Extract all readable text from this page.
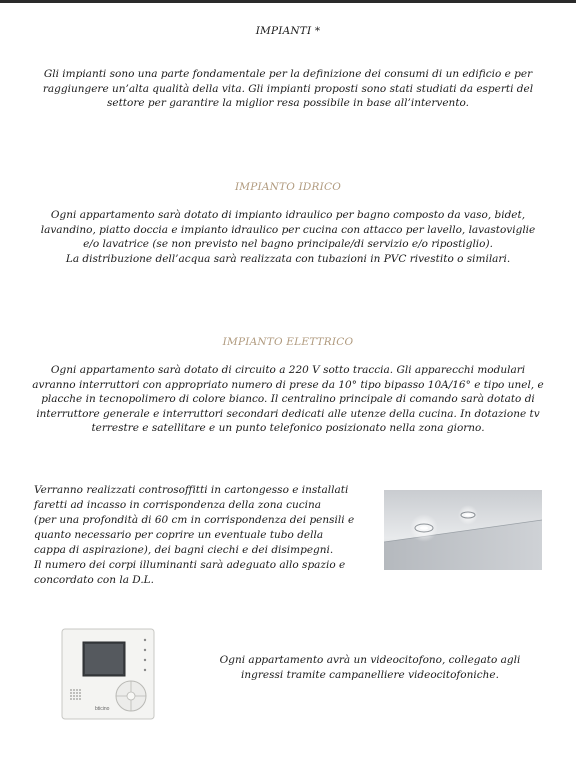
IMPIANTI *
Gli impianti sono una parte fondamentale per la definizione dei consumi di un edificio e per
raggiungere un’alta qualità della vita. Gli impianti proposti sono stati studiati da esperti del
settore per garantire la miglior resa possibile in base all’intervento.
IMPIANTO IDRICO
Ogni appartamento sarà dotato di impianto idraulico per bagno composto da vaso, bidet,
lavandino, piatto doccia e impianto idraulico per cucina con attacco per lavello, lavastoviglie
e/o lavatrice (se non previsto nel bagno principale/di servizio e/o ripostiglio).
La distribuzione dell’acqua sarà realizzata con tubazioni in PVC rivestito o similari.
IMPIANTO ELETTRICO
Ogni appartamento sarà dotato di circuito a 220 V sotto traccia. Gli apparecchi modulari
avranno interruttori con appropriato numero di prese da 10° tipo bipasso 10A/16° e tipo unel, e
placche in tecnopolimero di colore bianco. Il centralino principale di comando sarà dotato di
interruttore generale e interruttori secondari dedicati alle utenze della cucina. In dotazione tv
terrestre e satellitare e un punto telefonico posizionato nella zona giorno.
Verranno realizzati controsoffitti in cartongesso e installati
faretti ad incasso in corrispondenza della zona cucina
(per una profondità di 60 cm in corrispondenza dei pensili e
quanto necessario per coprire un eventuale tubo della
cappa di aspirazione), dei bagni ciechi e dei disimpegni.
Il numero dei corpi illuminanti sarà adeguato allo spazio e
concordato con la D.L.
bticino
Ogni appartamento avrà un videocitofono, collegato agli
ingressi tramite campanelliere videocitofoniche.
